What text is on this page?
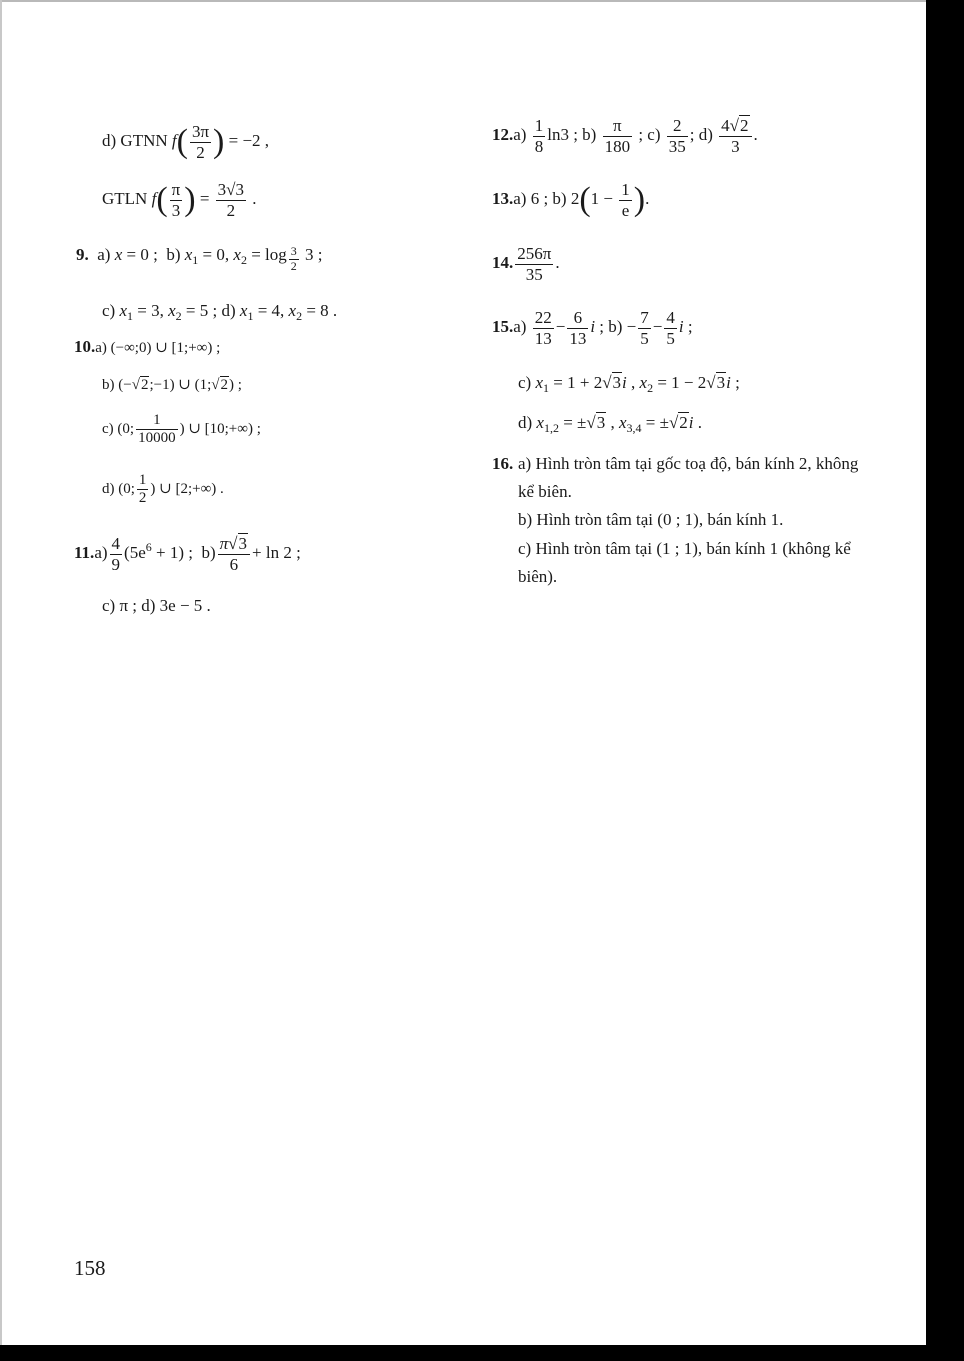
d) GTNN $f( \frac{3\pi}{2}$ ) = −2 ,
GTLN $f( \frac{\pi}{3}$ ) = $\frac{3√3}{2}$ .
9.  a) x = 0 ;  b) $x_1 = 0$, $x_2 = \log \frac{3}{2} 3$ ;
c) $x_1 = 3$, $x_2 = 5$ ; d) $x_1 = 4$, $x_2 = 8$ .
10.a) (−∞;0) ∪ [1;+∞) ;
b) (−√2;−1) ∪ (1;√2) ;
c) (0; $\frac{1}{10000}$ ) ∪ [10;+∞) ;
d) (0; $\frac{1}{2}$ ) ∪ [2;+∞) .
$11.a) \frac{4}{9} (5e^6 + 1)$ ;  $b) \frac{\pi√3}{6} + \ln 2$ ;
c) π ; d) 3e − 5 .
$12.a) \frac{1}{8} \ln 3$ ; $b) \frac{\pi}{180}$ ; $c) \frac{2}{35}$ ; $d) \frac{4√2}{3}$ .
13.a) 6 ; b) $2(1 - \frac{1}{e}$ ).
14. $\frac{256\pi}{35}$ .
$15.a) \frac{22}{13} - \frac{6}{13}$ i ; $b) - \frac{7}{5} - \frac{4}{5}$ i ;
c) $x_1 = 1 + 2√3i$ , $x_2 = 1 - 2√3i$ ;
d) $x_{1,2} = \pm√3$ , $x_{3,4} = \pm√2i$ .
16. a) Hình tròn tâm tại gốc toạ độ, bán kính 2, không kể biên.
b) Hình tròn tâm tại (0 ; 1), bán kính 1.
c) Hình tròn tâm tại (1 ; 1), bán kính 1 (không kể biên).
158
